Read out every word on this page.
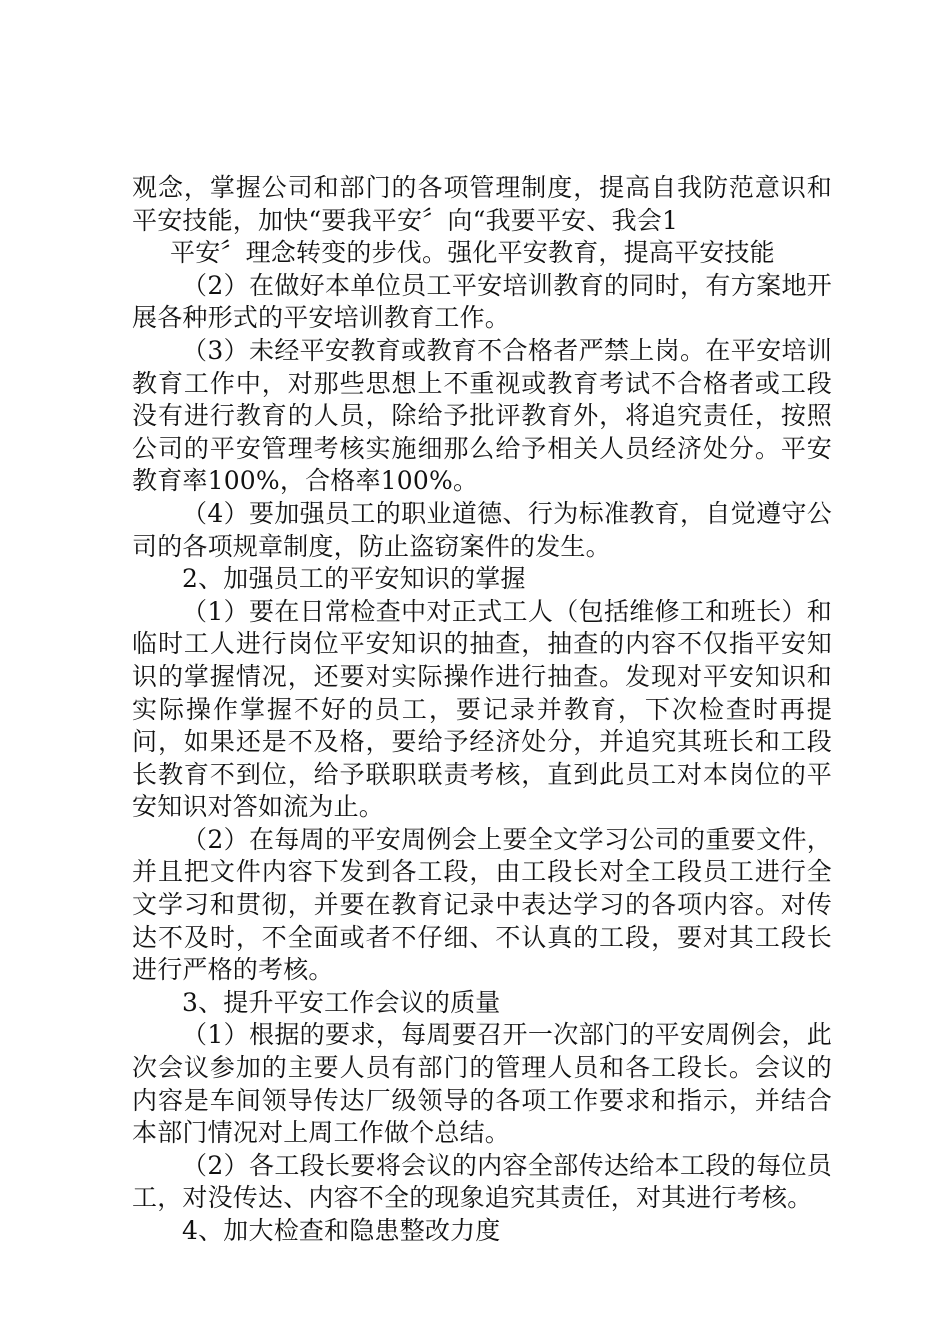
观念，掌握公司和部门的各项管理制度，提高自我防范意识和平安技能，加快“要我平安〞向“我要平安、我会1

平安〞理念转变的步伐。强化平安教育，提高平安技能

（2）在做好本单位员工平安培训教育的同时，有方案地开展各种形式的平安培训教育工作。

（3）未经平安教育或教育不合格者严禁上岗。在平安培训教育工作中，对那些思想上不重视或教育考试不合格者或工段没有进行教育的人员，除给予批评教育外，将追究责任，按照公司的平安管理考核实施细那么给予相关人员经济处分。平安教育率100%，合格率100%。

（4）要加强员工的职业道德、行为标准教育，自觉遵守公司的各项规章制度，防止盗窃案件的发生。

2、加强员工的平安知识的掌握

（1）要在日常检查中对正式工人（包括维修工和班长）和临时工人进行岗位平安知识的抽查，抽查的内容不仅指平安知识的掌握情况，还要对实际操作进行抽查。发现对平安知识和实际操作掌握不好的员工，要记录并教育，下次检查时再提问，如果还是不及格，要给予经济处分，并追究其班长和工段长教育不到位，给予联职联责考核，直到此员工对本岗位的平安知识对答如流为止。

（2）在每周的平安周例会上要全文学习公司的重要文件，并且把文件内容下发到各工段，由工段长对全工段员工进行全文学习和贯彻，并要在教育记录中表达学习的各项内容。对传达不及时，不全面或者不仔细、不认真的工段，要对其工段长进行严格的考核。

3、提升平安工作会议的质量

（1）根据的要求，每周要召开一次部门的平安周例会，此次会议参加的主要人员有部门的管理人员和各工段长。会议的内容是车间领导传达厂级领导的各项工作要求和指示，并结合本部门情况对上周工作做个总结。

（2）各工段长要将会议的内容全部传达给本工段的每位员工，对没传达、内容不全的现象追究其责任，对其进行考核。

4、加大检查和隐患整改力度
